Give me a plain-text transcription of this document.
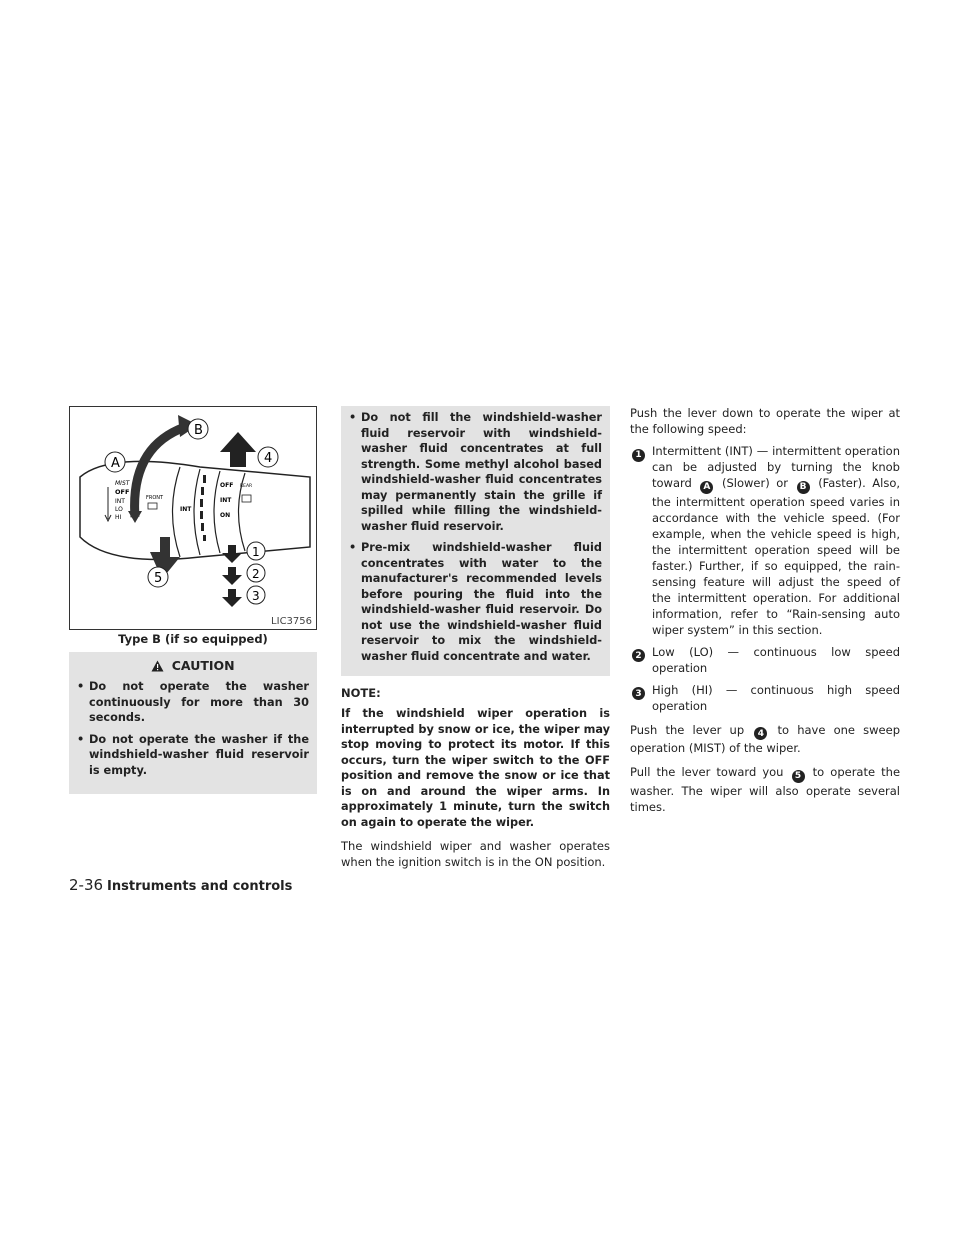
MIST
OFF
INT
LO
HI
FRONT
INT
OFF
INT
ON
REAR
A
B
4
5
1
2
3
LIC3756
Type B (if so equipped)
CAUTION
• Do not operate the washer continuously for more than 30 seconds.
• Do not operate the washer if the windshield-washer fluid reservoir is empty.
• Do not fill the windshield-washer fluid reservoir with windshield-washer fluid concentrates at full strength. Some methyl alcohol based windshield-washer fluid concentrates may permanently stain the grille if spilled while filling the windshield-washer fluid reservoir.
• Pre-mix windshield-washer fluid concentrates with water to the manufacturer's recommended levels before pouring the fluid into the windshield-washer fluid reservoir. Do not use the windshield-washer fluid reservoir to mix the windshield-washer fluid concentrate and water.
NOTE:
If the windshield wiper operation is interrupted by snow or ice, the wiper may stop moving to protect its motor. If this occurs, turn the wiper switch to the OFF position and remove the snow or ice that is on and around the wiper arms. In approximately 1 minute, turn the switch on again to operate the wiper.

The windshield wiper and washer operates when the ignition switch is in the ON position.

Push the lever down to operate the wiper at the following speed:

1 Intermittent (INT) — intermittent operation can be adjusted by turning the knob toward A (Slower) or B (Faster). Also, the intermittent operation speed varies in accordance with the vehicle speed. (For example, when the vehicle speed is high, the intermittent operation speed will be faster.) Further, if so equipped, the rain-sensing feature will adjust the speed of the intermittent operation. For additional information, refer to “Rain-sensing auto wiper system” in this section.
2 Low (LO) — continuous low speed operation
3 High (HI) — continuous high speed operation

Push the lever up 4 to have one sweep operation (MIST) of the wiper.

Pull the lever toward you 5 to operate the washer. The wiper will also operate several times.

2-36 Instruments and controls
